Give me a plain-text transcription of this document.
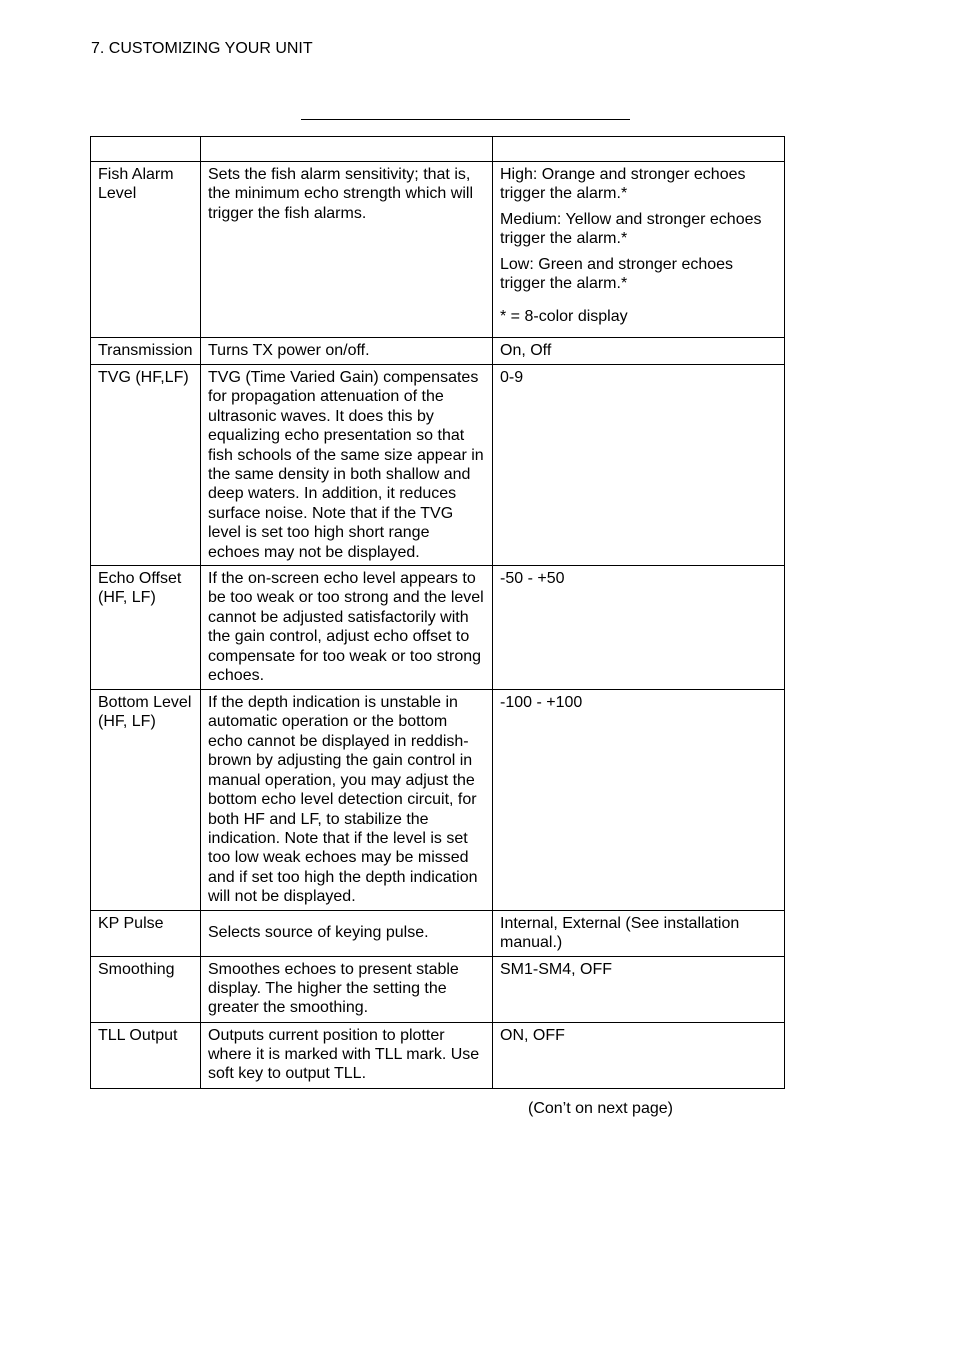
7. CUSTOMIZING YOUR UNIT

Fish Alarm Level	Sets the fish alarm sensitivity; that is, the minimum echo strength which will trigger the fish alarms.	High: Orange and stronger echoes trigger the alarm.*
Medium: Yellow and stronger echoes trigger the alarm.*
Low: Green and stronger echoes trigger the alarm.*
* = 8-color display

Transmission	Turns TX power on/off.	On, Off
TVG (HF,LF)	TVG (Time Varied Gain) compensates for propagation attenuation of the ultrasonic waves. It does this by equalizing echo presentation so that fish schools of the same size appear in the same density in both shallow and deep waters. In addition, it reduces surface noise. Note that if the TVG level is set too high short range echoes may not be displayed.	0-9
Echo Offset (HF, LF)	If the on-screen echo level appears to be too weak or too strong and the level cannot be adjusted satisfactorily with the gain control, adjust echo offset to compensate for too weak or too strong echoes.	-50 - +50
Bottom Level (HF, LF)	If the depth indication is unstable in automatic operation or the bottom echo cannot be displayed in reddish-brown by adjusting the gain control in manual operation, you may adjust the bottom echo level detection circuit, for both HF and LF, to stabilize the indication. Note that if the level is set too low weak echoes may be missed and if set too high the depth indication will not be displayed.	-100 - +100
KP Pulse	Selects source of keying pulse.	Internal, External (See installation manual.)
Smoothing	Smoothes echoes to present stable display. The higher the setting the greater the smoothing.	SM1-SM4, OFF
TLL Output	Outputs current position to plotter where it is marked with TLL mark. Use soft key to output TLL.	ON, OFF
(Con’t on next page)
